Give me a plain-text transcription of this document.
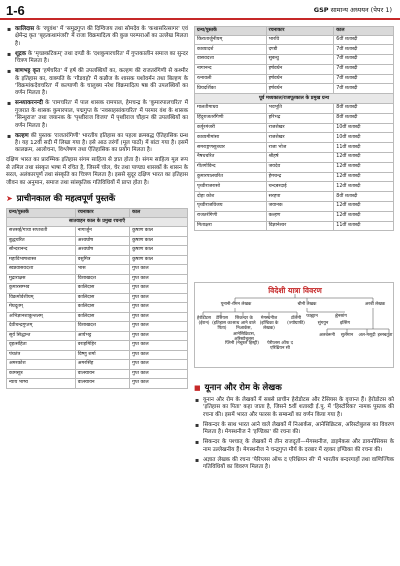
1-6	GSP सामान्य अध्ययन (पेपर 1)
▪ कालिदास के 'रघुवंश' में 'समुद्रगुप्त की दिग्विजय तथा सोमदेव के 'कथासरित्सागर' एवं क्षेमेन्द्र कृत 'बृहत्कथामंजरी' में राजा विक्रमादित्य की कुछ परम्पराओं का उल्लेख मिलता है।
▪ शूद्रक के 'मृच्छकटिकम्' तथा दण्डी के 'दशकुमारचरित' में गुप्तकालीन समाज का सुन्दर चित्रण मिलता है।
▪ बाणभट्ट कृत 'हर्षचरित' में हर्ष की उपलब्धियों का, कल्हण की राजतरंगिणी से कश्मीर के इतिहास का, वाक्पति के 'गौडवहो' में कन्नौज के शासक यशोवर्मन तथा बिल्हण के 'विक्रमांकदेवचरित' में कल्याणी के चालुक्य नरेश विक्रमादित्य षष्ठ की उपलब्धियों का वर्णन मिलता है।
▪ सन्ध्याकरनन्दी के 'रामचरित' में पाल शासक रामपाल, हेमचन्द्र के 'कुमारपालचरित' में गुजरात के शासक कुमारपाल, पद्मगुप्त के 'नवसाहसांकचरित' में परमार वंश के शासक 'सिन्धुराज' तथा जयानक के 'पृथ्वीराज विजय' में पृथ्वीराज चौहान की उपलब्धियों का वर्णन मिलता है।
▪ कल्हण की पुस्तक 'राजतरंगिणी' भारतीय इतिहास का पहला क्रमबद्ध ऐतिहासिक ग्रन्थ है। यह 12वीं सदी में लिखा गया है। इसे आठ तरंगों (मूल पाठों) में बांटा गया है। इसमें कालक्रम, आलोचना, विश्लेषण तथा ऐतिहासिक का प्रयोग मिलता है।
दक्षिण भारत का प्रारम्भिक इतिहास संगम साहित्य से ज्ञात होता है। संगम साहित्य मूल रूप से तमिल तथा संस्कृत भाषा में रचित है, जिसमें चोल, चेर तथा पाण्ड्य शासकों के शासन के सरल, अलंकारपूर्ण तथा संस्कृति का चित्रण मिलता है। इससे सुदूर दक्षिण भारत का इतिहास जीवन का अनुमान, समाज तथा सांस्कृतिक गतिविधियों में प्राप्त होता है।
➤ प्राचीनकाल की महत्वपूर्ण पुस्तकें
ग्रन्थ/पुस्तकें	रचनाकार	काल
सातवाहन काल के प्रमुख रचनाएँ		
सत्तसई/गाथा सप्तशती	नागार्जुन	कुषाण काल
बुद्धचरित	अश्वघोष	कुषाण काल
सौन्दरानन्द	अश्वघोष	कुषाण काल
महाविभाषशास्त्र	वसुमित्र	कुषाण काल
स्वप्नवासवदत्ता	भास	गुप्त काल
मुद्राराक्षस	विशाखदत्त	गुप्त काल
कुमारसम्भव	कालिदास	गुप्त काल
विक्रमोर्वशीयम्	कालिदास	गुप्त काल
मेघदूतम्	कालिदास	गुप्त काल
अभिज्ञानशाकुन्तलम्	कालिदास	गुप्त काल
देवीचन्द्रगुप्तम्	विशाखदत्त	गुप्त काल
सूर्य सिद्धान्त	आर्यभट्ट	गुप्त काल
वृहत्संहिता	वराहमिहिर	गुप्त काल
पंचतंत्र	विष्णु शर्मा	गुप्त काल
अमरकोश	अमरसिंह	गुप्त काल
कामसूत्र	वात्स्यायन	गुप्त काल
न्याय भाष्य	वात्स्यायन	गुप्त काल
ग्रन्थ/पुस्तकें	रचनाकार	काल
किरातार्जुनीयम्	भारवि	6वीं शताब्दी
काव्यादर्श	दण्डी	7वीं शताब्दी
वासवदत्ता	सुबन्धु	7वीं शताब्दी
नागानन्द	हर्षवर्धन	7वीं शताब्दी
रत्नावली	हर्षवर्धन	7वीं शताब्दी
प्रियदर्शिका	हर्षवर्धन	7वीं शताब्दी
पूर्व मध्यकाल/राजपूतकाल के प्रमुख ग्रन्थ		
मालतीमाधव	भवभूति	8वीं शताब्दी
हिंदुराजतरंगिणी	हरिभद्र	8वीं शताब्दी
कर्पूरमंजरी	राजशेखर	10वीं शताब्दी
काव्यमीमांसा	राजशेखर	10वीं शताब्दी
समराङ्गणसूत्रधार	राजा भोज	11वीं शताब्दी
नैषधचरित	श्रीहर्ष	12वीं शताब्दी
गीतगोविन्द	जयदेव	12वीं शताब्दी
कुमारपालचरित	हेमचन्द्र	12वीं शताब्दी
पृथ्वीराजरासो	चन्दबरदाई	12वीं शताब्दी
दोहा कोश	सरहपा	8वीं शताब्दी
पृथ्वीराजविजय	जयानक	12वीं शताब्दी
राजतरंगिणी	कल्हण	12वीं शताब्दी
मिताक्षरा	विज्ञानेश्वर	11वीं शताब्दी
विदेशी यात्रा विवरण
यूनानी-रोमन लेखक	चीनी लेखक	अरबी लेखक
हेरोडोटस (ईरान)
टेसियस (इतिहास का पिता)
सिकन्दर के साथ आने वाले निआर्कस, आनेसिक्रिटस, अरिस्टोबुलस
मेगस्थनीज (इण्डिका के लेखक)
टॉलेमी (ज्योग्राफी)
प्लिनी (नेचुरल हिस्ट्री)	पेरीप्लस ऑफ द एरिथ्रियन सी
फाह्यान
सुंगयुन
ह्वेनसांग
इत्सिंग
अलबरूनी	सुलेमान	अल-मसूदी इब्नबतूता
■ यूनान और रोम के लेखक
▪ यूनान और रोम के लेखकों में सबसे प्राचीन हेरोडोटस और टेसियस के वृत्तान्त हैं। हेरोडोटस को 'इतिहास का पिता' कहा जाता है, जिसने 5वीं शताब्दी ई.पू. में 'हिस्टोरिका' नामक पुस्तक की रचना की। इसमें भारत और फारस के सम्बन्धों का वर्णन किया गया है।
▪ सिकन्दर के साथ भारत आने वाले लेखकों में निआर्कस, आनेसिक्रिटस, अरिस्टोबुलस का विवरण मिलता है। मेगस्थनीज ने 'इण्डिका' की रचना की।
▪ सिकन्दर के पश्चात् के लेखकों में तीन राजदूतों—मेगस्थनीज, डाइमेकस और डायनोसियस के नाम उल्लेखनीय हैं। मेगस्थनीज ने चन्द्रगुप्त मौर्य के दरबार में रहकर इण्डिका की रचना की।
▪ अज्ञात लेखक की रचना 'पेरिप्लस ऑफ द एरिथ्रियन सी' में भारतीय बन्दरगाहों तथा वाणिज्यिक गतिविधियों का विवरण मिलता है।
